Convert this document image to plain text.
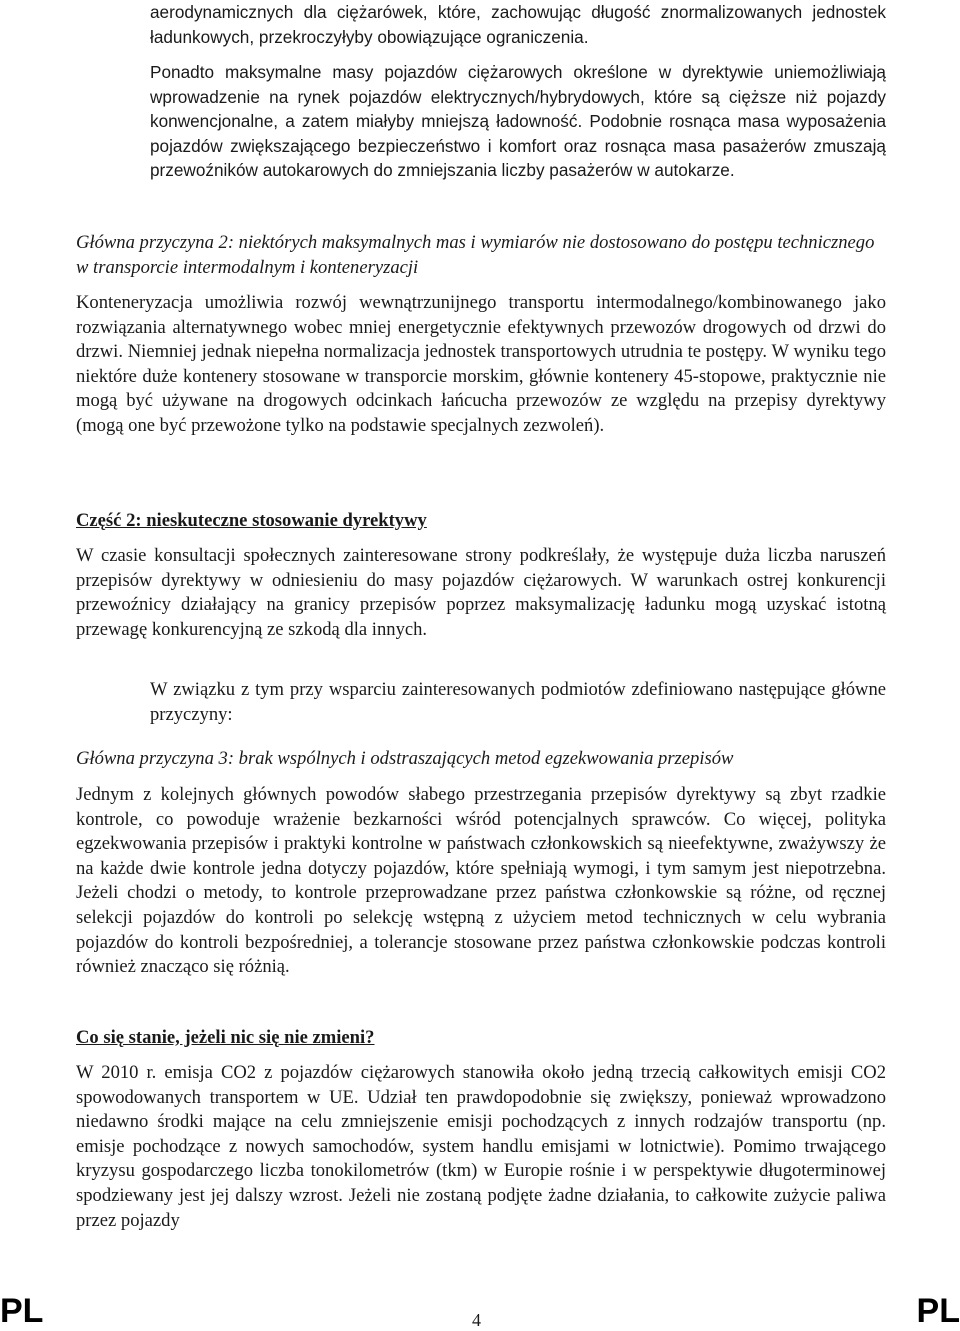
aerodynamicznych dla ciężarówek, które, zachowując długość znormalizowanych jednostek ładunkowych, przekroczyłyby obowiązujące ograniczenia.

Ponadto maksymalne masy pojazdów ciężarowych określone w dyrektywie uniemożliwiają wprowadzenie na rynek pojazdów elektrycznych/hybrydowych, które są cięższe niż pojazdy konwencjonalne, a zatem miałyby mniejszą ładowność. Podobnie rosnąca masa wyposażenia pojazdów zwiększającego bezpieczeństwo i komfort oraz rosnąca masa pasażerów zmuszają przewoźników autokarowych do zmniejszania liczby pasażerów w autokarze.

Główna przyczyna 2: niektórych maksymalnych mas i wymiarów nie dostosowano do postępu technicznego w transporcie intermodalnym i konteneryzacji

Konteneryzacja umożliwia rozwój wewnątrzunijnego transportu intermodalnego/kombinowanego jako rozwiązania alternatywnego wobec mniej energetycznie efektywnych przewozów drogowych od drzwi do drzwi. Niemniej jednak niepełna normalizacja jednostek transportowych utrudnia te postępy. W wyniku tego niektóre duże kontenery stosowane w transporcie morskim, głównie kontenery 45-stopowe, praktycznie nie mogą być używane na drogowych odcinkach łańcucha przewozów ze względu na przepisy dyrektywy (mogą one być przewożone tylko na podstawie specjalnych zezwoleń).

Część 2: nieskuteczne stosowanie dyrektywy

W czasie konsultacji społecznych zainteresowane strony podkreślały, że występuje duża liczba naruszeń przepisów dyrektywy w odniesieniu do masy pojazdów ciężarowych. W warunkach ostrej konkurencji przewoźnicy działający na granicy przepisów poprzez maksymalizację ładunku mogą uzyskać istotną przewagę konkurencyjną ze szkodą dla innych.

W związku z tym przy wsparciu zainteresowanych podmiotów zdefiniowano następujące główne przyczyny:

Główna przyczyna 3: brak wspólnych i odstraszających metod egzekwowania przepisów

Jednym z kolejnych głównych powodów słabego przestrzegania przepisów dyrektywy są zbyt rzadkie kontrole, co powoduje wrażenie bezkarności wśród potencjalnych sprawców. Co więcej, polityka egzekwowania przepisów i praktyki kontrolne w państwach członkowskich są nieefektywne, zważywszy że na każde dwie kontrole jedna dotyczy pojazdów, które spełniają wymogi, i tym samym jest niepotrzebna. Jeżeli chodzi o metody, to kontrole przeprowadzane przez państwa członkowskie są różne, od ręcznej selekcji pojazdów do kontroli po selekcję wstępną z użyciem metod technicznych w celu wybrania pojazdów do kontroli bezpośredniej, a tolerancje stosowane przez państwa członkowskie podczas kontroli również znacząco się różnią.

Co się stanie, jeżeli nic się nie zmieni?

W 2010 r. emisja CO2 z pojazdów ciężarowych stanowiła około jedną trzecią całkowitych emisji CO2 spowodowanych transportem w UE. Udział ten prawdopodobnie się zwiększy, ponieważ wprowadzono niedawno środki mające na celu zmniejszenie emisji pochodzących z innych rodzajów transportu (np. emisje pochodzące z nowych samochodów, system handlu emisjami w lotnictwie). Pomimo trwającego kryzysu gospodarczego liczba tonokilometrów (tkm) w Europie rośnie i w perspektywie długoterminowej spodziewany jest jej dalszy wzrost. Jeżeli nie zostaną podjęte żadne działania, to całkowite zużycie paliwa przez pojazdy

PL	4	PL
